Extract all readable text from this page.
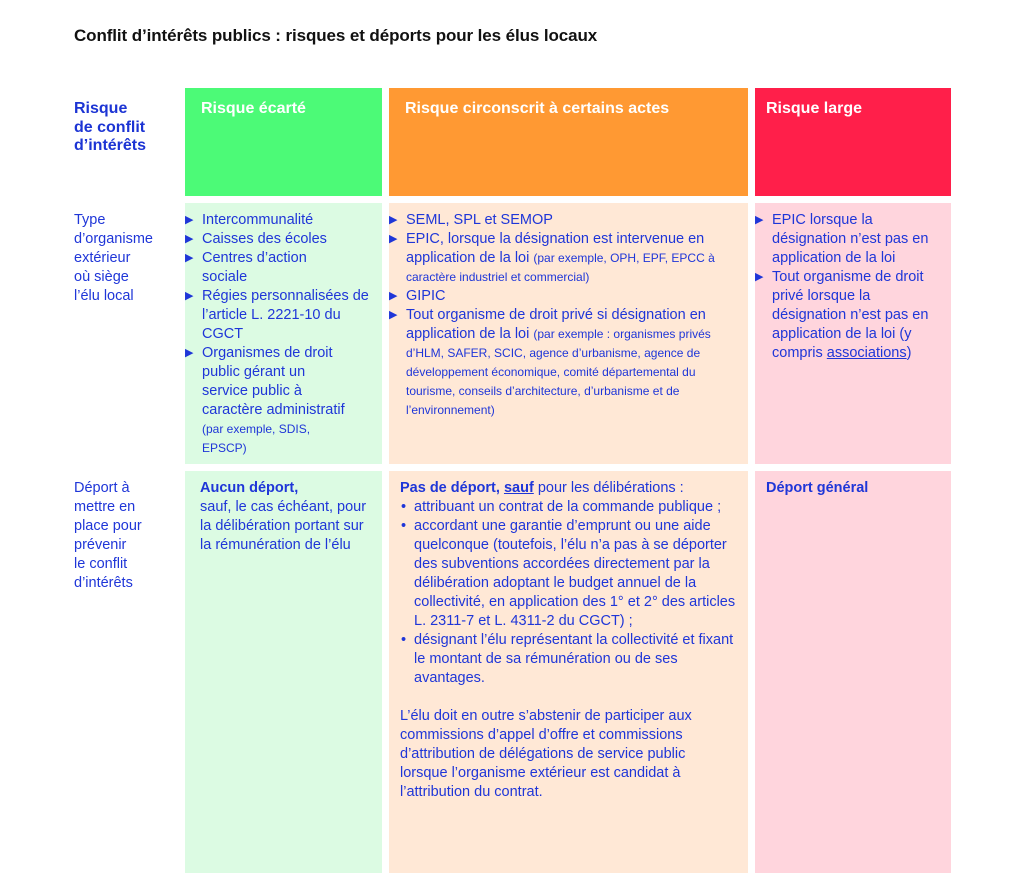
Conflit d’intérêts publics : risques et déports pour les élus locaux
Risque
de conflit
d’intérêts
Type
d’organisme
extérieur
où siège
l’élu local
Déport à
mettre en
place pour
prévenir
le conflit
d’intérêts
Risque écarté	Risque circonscrit à certains actes	Risque large
▶ Intercommunalité
▶ Caisses des écoles
▶ Centres d’action sociale
▶ Régies personnalisées de l’article L. 2221-10 du CGCT
▶ Organismes de droit public gérant un service public à caractère administratif (par exemple, SDIS, EPSCP)
▶ SEML, SPL et SEMOP
▶ EPIC, lorsque la désignation est intervenue en application de la loi (par exemple, OPH, EPF, EPCC à caractère industriel et commercial)
▶ GIPIC
▶ Tout organisme de droit privé si désignation en application de la loi (par exemple : organismes privés d’HLM, SAFER, SCIC, agence d’urbanisme, agence de développement économique, comité départemental du tourisme, conseils d’architecture, d’urbanisme et de l’environnement)
▶ EPIC lorsque la désignation n’est pas en application de la loi
▶ Tout organisme de droit privé lorsque la désignation n’est pas en application de la loi (y compris associations)
Aucun déport,
sauf, le cas échéant, pour la délibération portant sur la rémunération de l’élu
Pas de déport, sauf pour les délibérations :
• attribuant un contrat de la commande publique ;
• accordant une garantie d’emprunt ou une aide quelconque (toutefois, l’élu n’a pas à se déporter des subventions accordées directement par la délibération adoptant le budget annuel de la collectivité, en application des 1° et 2° des articles L. 2311-7 et L. 4311-2 du CGCT) ;
• désignant l’élu représentant la collectivité et fixant le montant de sa rémunération ou de ses avantages.
L’élu doit en outre s’abstenir de participer aux commissions d’appel d’offre et commissions d’attribution de délégations de service public lorsque l’organisme extérieur est candidat à l’attribution du contrat.
Déport général
